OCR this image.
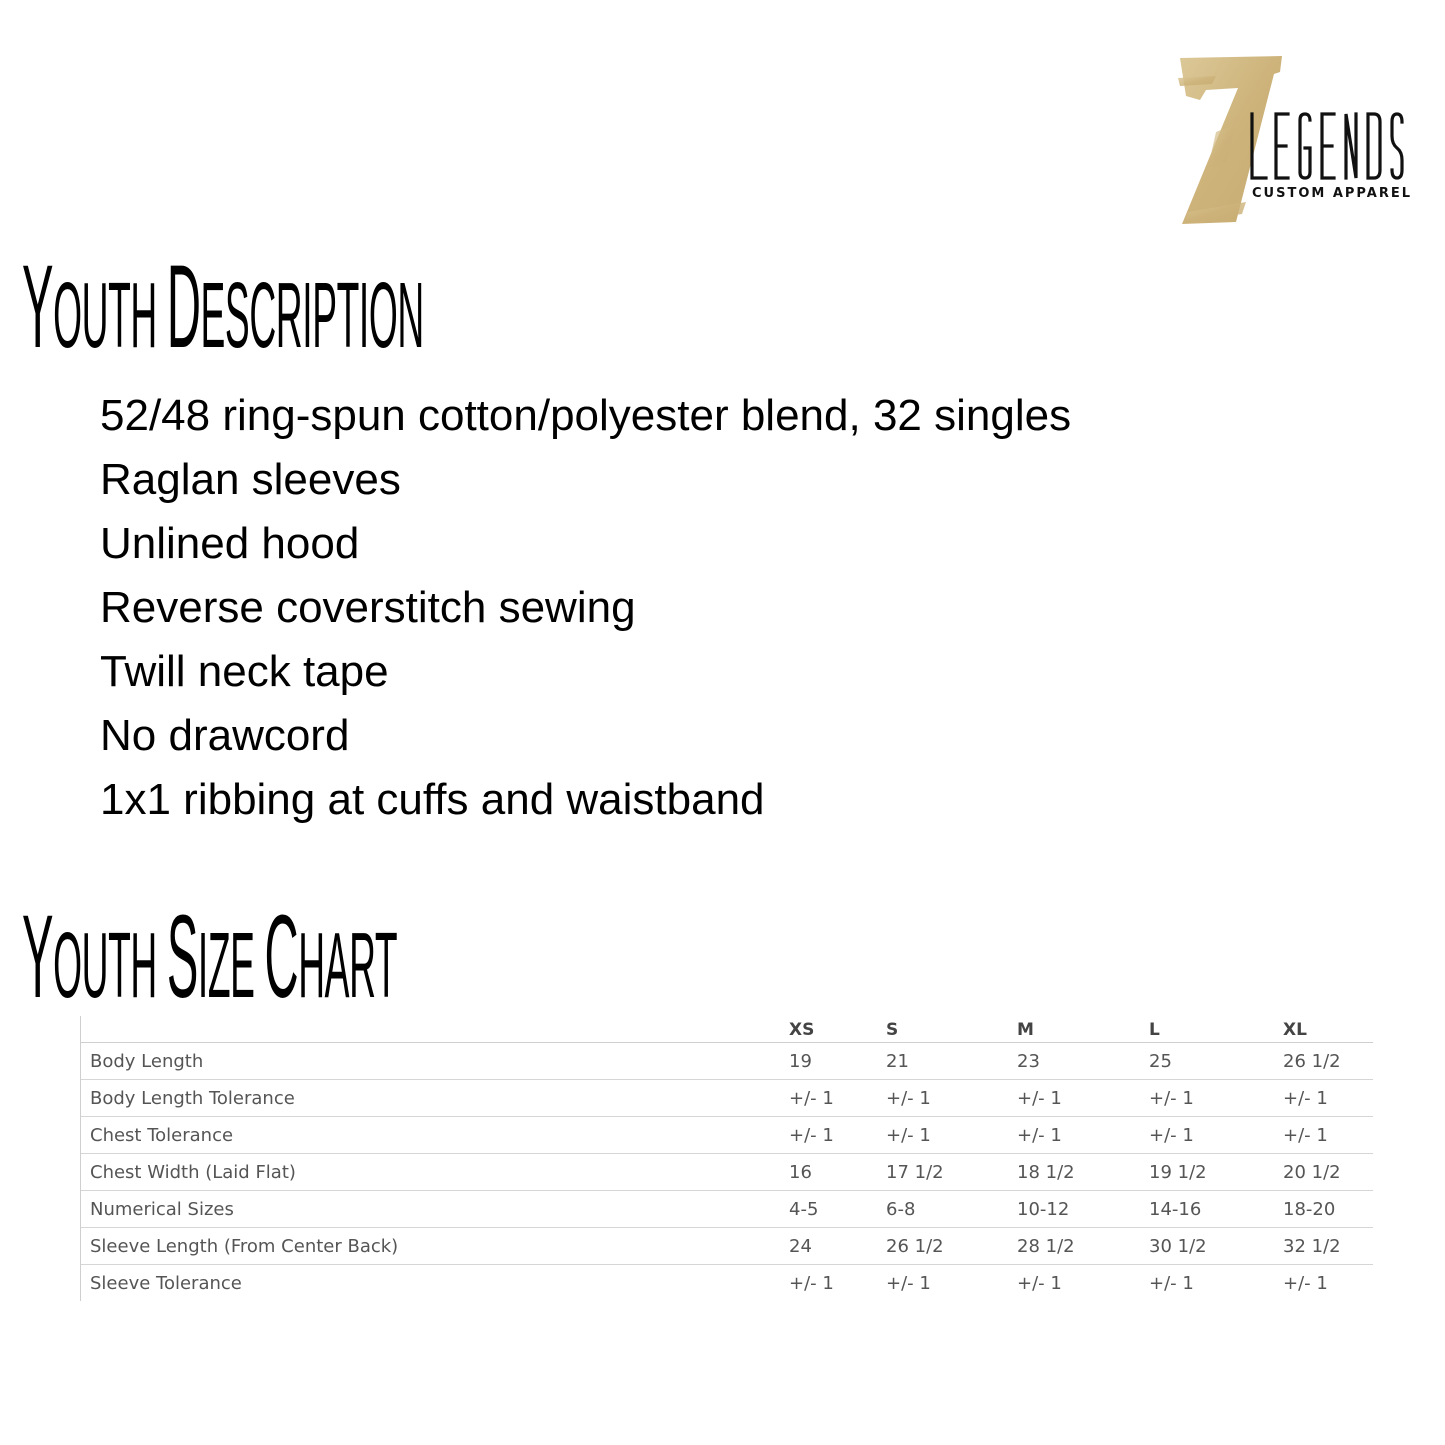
CUSTOM APPAREL
YOUTH DESCRIPTION
52/48 ring-spun cotton/polyester blend, 32 singles
Raglan sleeves
Unlined hood
Reverse coverstitch sewing
Twill neck tape
No drawcord
1x1 ribbing at cuffs and waistband
YOUTH SIZE CHART
	XS	S	M	L	XL
Body Length	19	21	23	25	26 1/2
Body Length Tolerance	+/- 1	+/- 1	+/- 1	+/- 1	+/- 1
Chest Tolerance	+/- 1	+/- 1	+/- 1	+/- 1	+/- 1
Chest Width (Laid Flat)	16	17 1/2	18 1/2	19 1/2	20 1/2
Numerical Sizes	4-5	6-8	10-12	14-16	18-20
Sleeve Length (From Center Back)	24	26 1/2	28 1/2	30 1/2	32 1/2
Sleeve Tolerance	+/- 1	+/- 1	+/- 1	+/- 1	+/- 1
